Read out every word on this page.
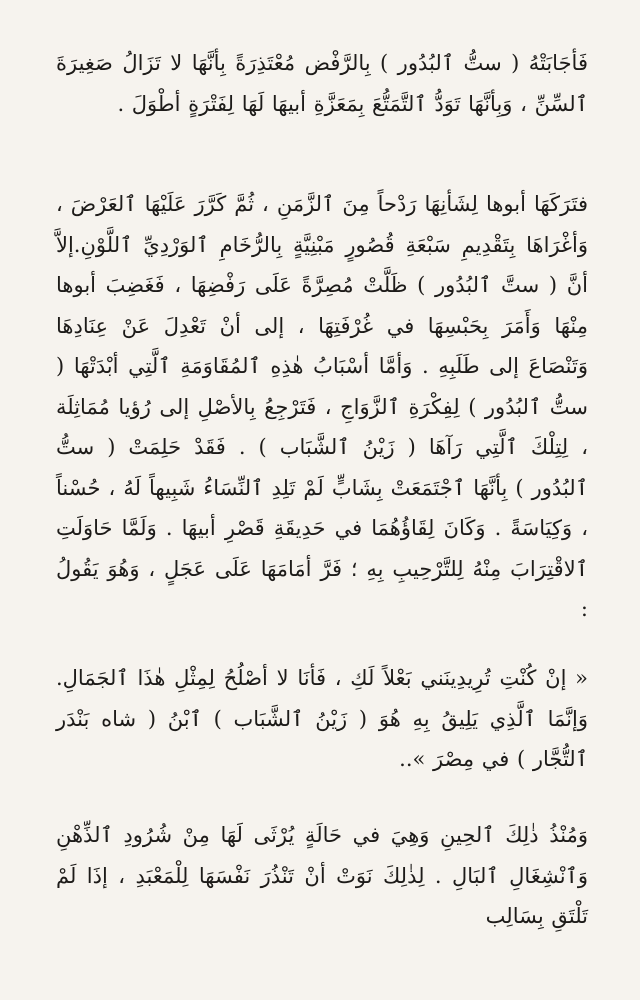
فَأجَابَتْهُ ( ستُّ ٱلبُدُور ) بِالرَّفْض مُعْتَذِرَةً بِأنَّهَا لا تَزَالُ صَغِيرَةَ ٱلسِّنِّ ، وَبِأنَّهَا تَوَدُّ ٱلتَّمَتُّعَ بِمَعَزَّةِ أبيهَا لَهَا لِفَتْرَةٍ أطْوَلَ .

فتَرَكَهَا أبوها لِشَأنِهَا رَدْحاً مِنَ ٱلزَّمَنِ ، ثُمَّ كَرَّرَ عَلَيْهَا ٱلعَرْضَ ، وَأغْرَاهَا بِتَقْدِيمِ سَبْعَةِ قُصُورٍ مَبْنِيَّةٍ بِالرُّخَامِ ٱلوَرْدِيِّ ٱللَّوْنِ.إلاَّ أنَّ ( ستَّ ٱلبُدُور ) ظَلَّتْ مُصِرَّةً عَلَى رَفْضِهَا ، فَغَضِبَ أبوها مِنْهَا وَأَمَرَ بِحَبْسِهَا في غُرْفَتِهَا ، إلى أنْ تَعْدِلَ عَنْ عِنَادِهَا وَتَنْصَاعَ إلى طَلَبِهِ . وَأمَّا أسْبَابُ هٰذِهِ ٱلمُقَاوَمَةِ ٱلَّتِي أبْدَتْهَا ( ستُّ ٱلبُدُور ) لِفِكْرَةِ ٱلزَّوَاجِ ، فَتَرْجِعُ بِالأصْلِ إلى رُؤيا مُمَاثِلَة ، لِتِلْكَ ٱلَّتِي رَآهَا ( زَيْنُ ٱلشَّبَاب ) . فَقَدْ حَلِمَتْ ( ستُّ ٱلبُدُور ) بِأنَّهَا ٱجْتَمَعَتْ بِشَابٍّ لَمْ تَلِدِ ٱلنِّسَاءُ شَبِيهاً لَهُ ، حُسْناً ، وَكِيَاسَةً . وَكَانَ لِقَاؤُهُمَا في حَدِيقَةِ قَصْرِ أبيهَا . وَلَمَّا حَاوَلَتِ ٱلاقْتِرَابَ مِنْهُ لِلتَّرْحِيبِ بِهِ ؛ فَرَّ أمَامَهَا عَلَى عَجَلٍ ، وَهُوَ يَقُولُ :

« إنْ كُنْتِ تُرِيدِينَني بَعْلاً لَكِ ، فَأنَا لا أصْلُحُ لِمِثْلِ هٰذَا ٱلجَمَالِ. وَإنَّمَا ٱلَّذِي يَلِيقُ بِهِ هُوَ ( زَيْنُ ٱلشَّبَاب ) ٱبْنُ ( شاه بَنْدَر ٱلتُّجَّار ) في مِصْرَ »..

وَمُنْذُ ذٰلِكَ ٱلحِينِ وَهِيَ في حَالَةٍ يُرْثَى لَهَا مِنْ شُرُودِ ٱلذِّهْنِ وَٱنْشِغَالِ ٱلبَالِ . لِذٰلِكَ نَوَتْ أنْ تَنْذُرَ نَفْسَهَا لِلْمَعْبَدِ ، إذَا لَمْ تَلْتَقِ بِسَالِب
